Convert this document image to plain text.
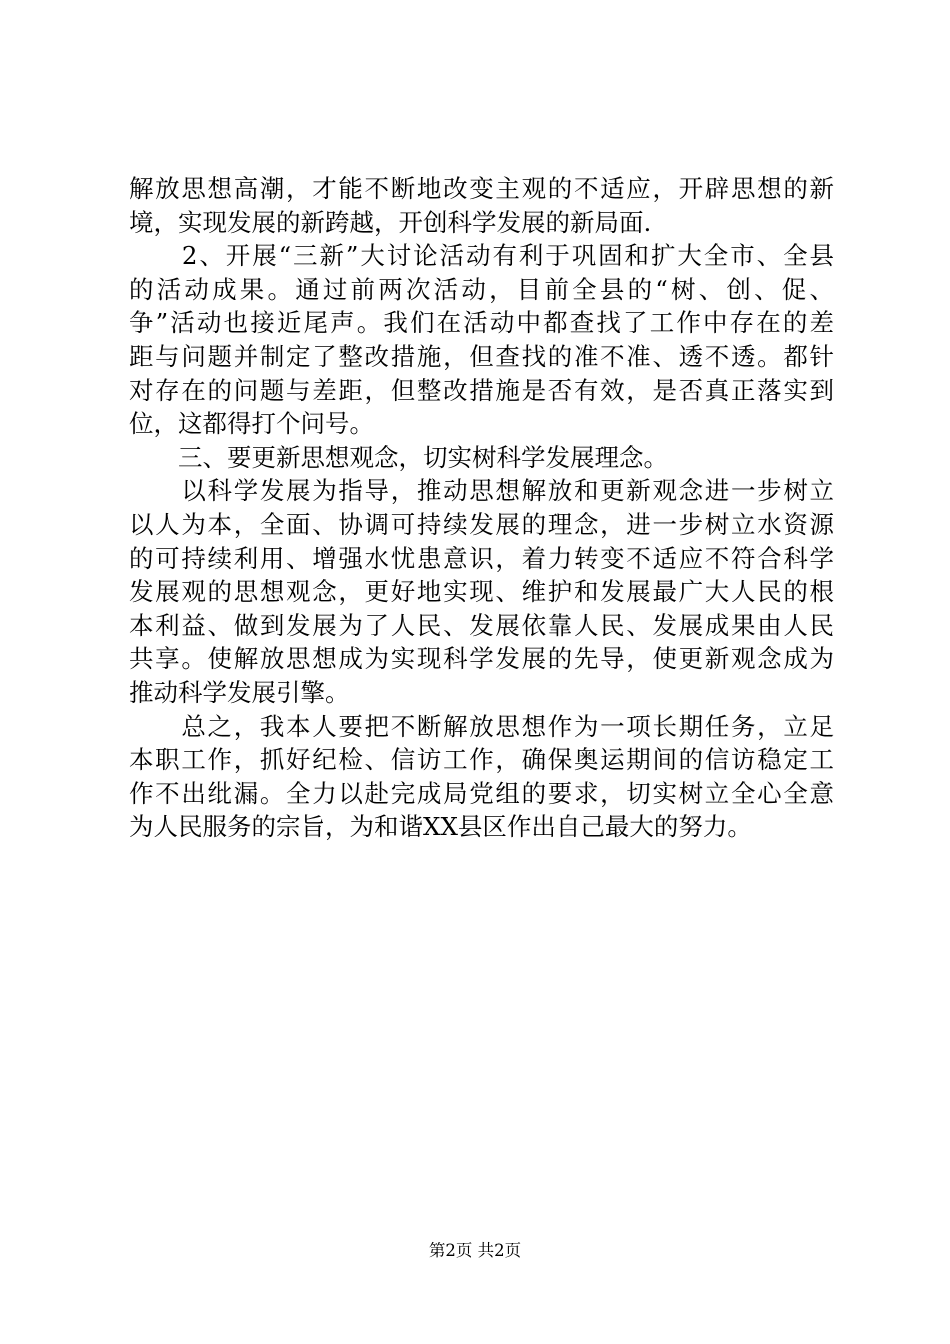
解放思想高潮，才能不断地改变主观的不适应，开辟思想的新
境，实现发展的新跨越，开创科学发展的新局面.
　　2、开展“三新”大讨论活动有利于巩固和扩大全市、全县
的活动成果。通过前两次活动，目前全县的“树、创、促、
争”活动也接近尾声。我们在活动中都查找了工作中存在的差
距与问题并制定了整改措施，但查找的准不准、透不透。都针
对存在的问题与差距，但整改措施是否有效，是否真正落实到
位，这都得打个问号。
　　三、要更新思想观念，切实树科学发展理念。
　　以科学发展为指导，推动思想解放和更新观念进一步树立
以人为本，全面、协调可持续发展的理念，进一步树立水资源
的可持续利用、增强水忧患意识，着力转变不适应不符合科学
发展观的思想观念，更好地实现、维护和发展最广大人民的根
本利益、做到发展为了人民、发展依靠人民、发展成果由人民
共享。使解放思想成为实现科学发展的先导，使更新观念成为
推动科学发展引擎。
　　总之，我本人要把不断解放思想作为一项长期任务，立足
本职工作，抓好纪检、信访工作，确保奥运期间的信访稳定工
作不出纰漏。全力以赴完成局党组的要求，切实树立全心全意
为人民服务的宗旨，为和谐XX县区作出自己最大的努力。
第2页 共2页
